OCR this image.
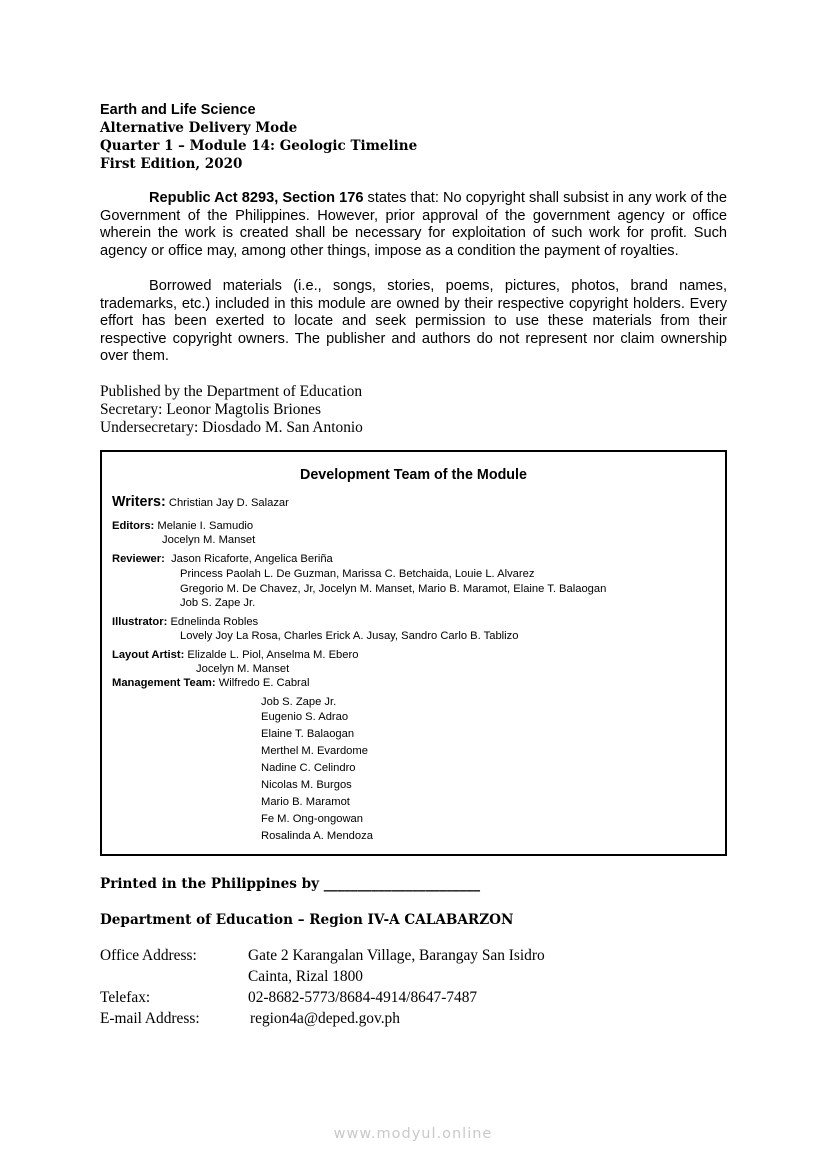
Earth and Life Science
Alternative Delivery Mode
Quarter 1 – Module 14: Geologic Timeline
First Edition, 2020
Republic Act 8293, Section 176 states that: No copyright shall subsist in any work of the Government of the Philippines. However, prior approval of the government agency or office wherein the work is created shall be necessary for exploitation of such work for profit. Such agency or office may, among other things, impose as a condition the payment of royalties.
Borrowed materials (i.e., songs, stories, poems, pictures, photos, brand names, trademarks, etc.) included in this module are owned by their respective copyright holders. Every effort has been exerted to locate and seek permission to use these materials from their respective copyright owners. The publisher and authors do not represent nor claim ownership over them.
Published by the Department of Education
Secretary: Leonor Magtolis Briones
Undersecretary: Diosdado M. San Antonio
Development Team of the Module
Writers: Christian Jay D. Salazar
Editors: Melanie I. Samudio
Jocelyn M. Manset
Reviewer: Jason Ricaforte, Angelica Beriña
Princess Paolah L. De Guzman, Marissa C. Betchaida, Louie L. Alvarez
Gregorio M. De Chavez, Jr, Jocelyn M. Manset, Mario B. Maramot, Elaine T. Balaogan
Job S. Zape Jr.
Illustrator: Ednelinda Robles
Lovely Joy La Rosa, Charles Erick A. Jusay, Sandro Carlo B. Tablizo
Layout Artist: Elizalde L. Piol, Anselma M. Ebero
Jocelyn M. Manset
Management Team: Wilfredo E. Cabral
Job S. Zape Jr.
Eugenio S. Adrao
Elaine T. Balaogan
Merthel M. Evardome
Nadine C. Celindro
Nicolas M. Burgos
Mario B. Maramot
Fe M. Ong-ongowan
Rosalinda A. Mendoza
Printed in the Philippines by _______________________
Department of Education – Region IV-A CALABARZON
Office Address:	Gate 2 Karangalan Village, Barangay San Isidro
Cainta, Rizal 1800
Telefax:	02-8682-5773/8684-4914/8647-7487
E-mail Address:	region4a@deped.gov.ph
www.modyul.online
